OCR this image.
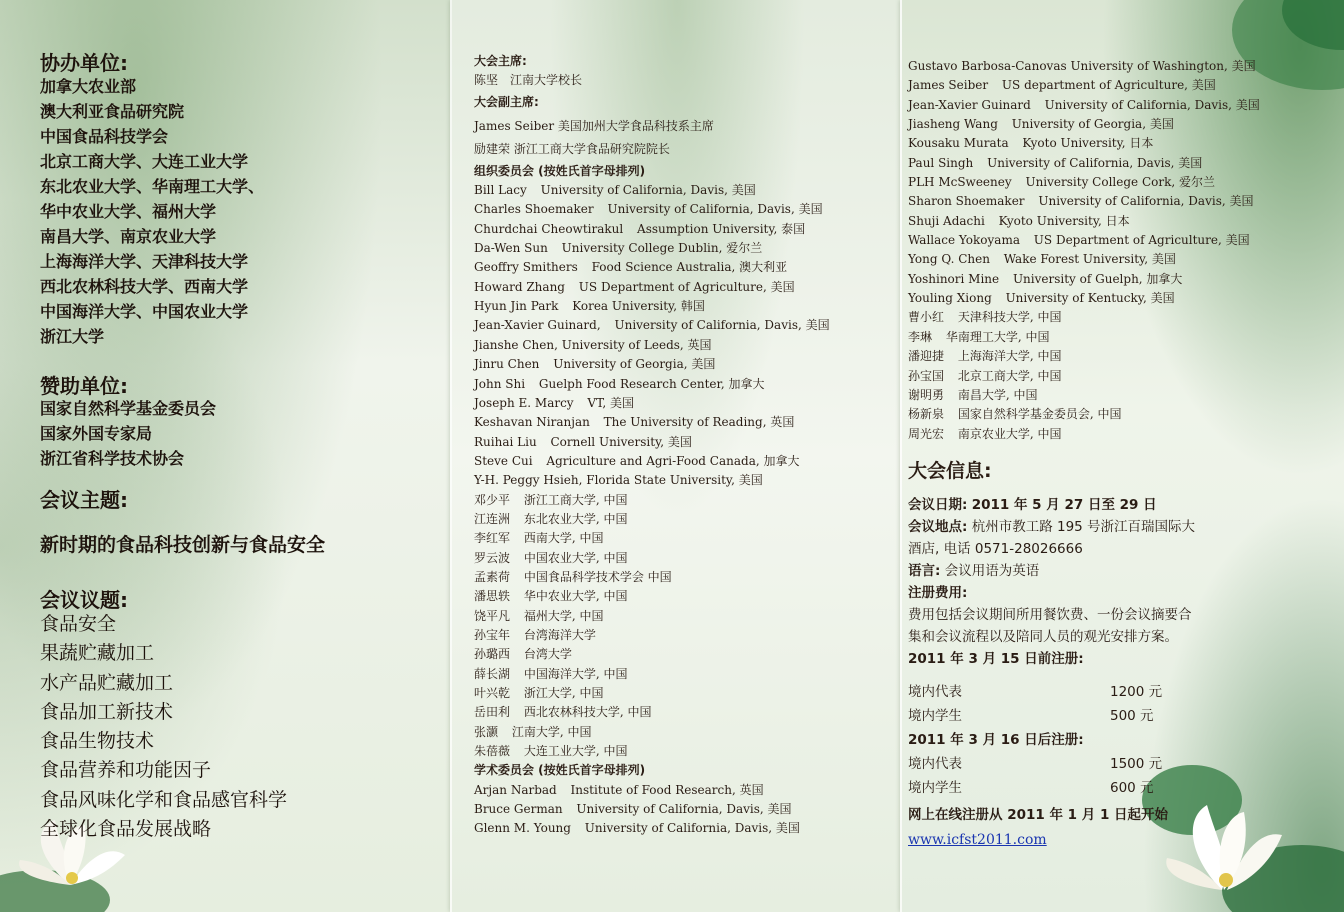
协办单位:
加拿大农业部
澳大利亚食品研究院
中国食品科技学会
北京工商大学、大连工业大学
东北农业大学、华南理工大学、
华中农业大学、福州大学
南昌大学、南京农业大学
上海海洋大学、天津科技大学
西北农林科技大学、西南大学
中国海洋大学、中国农业大学
浙江大学
赞助单位:
国家自然科学基金委员会
国家外国专家局
浙江省科学技术协会
会议主题:
新时期的食品科技创新与食品安全
会议议题:
食品安全
果蔬贮藏加工
水产品贮藏加工
食品加工新技术
食品生物技术
食品营养和功能因子
食品风味化学和食品感官科学
全球化食品发展战略
大会主席:
陈坚　江南大学校长
大会副主席:
James Seiber 美国加州大学食品科技系主席
励建荣 浙江工商大学食品研究院院长
组织委员会 (按姓氏首字母排列)
Bill Lacy University of California, Davis, 美国
Charles Shoemaker University of California, Davis, 美国
Churdchai Cheowtirakul Assumption University, 泰国
Da-Wen Sun University College Dublin, 爱尔兰
Geoffry Smithers Food Science Australia, 澳大利亚
Howard Zhang US Department of Agriculture, 美国
Hyun Jin Park Korea University, 韩国
Jean-Xavier Guinard, University of California, Davis, 美国
Jianshe Chen, University of Leeds, 英国
Jinru Chen University of Georgia, 美国
John Shi Guelph Food Research Center, 加拿大
Joseph E. Marcy VT, 美国
Keshavan Niranjan The University of Reading, 英国
Ruihai Liu Cornell University, 美国
Steve Cui Agriculture and Agri-Food Canada, 加拿大
Y-H. Peggy Hsieh, Florida State University, 美国
邓少平 浙江工商大学, 中国
江连洲 东北农业大学, 中国
李红军 西南大学, 中国
罗云波 中国农业大学, 中国
孟素荷 中国食品科学技术学会 中国
潘思轶 华中农业大学, 中国
饶平凡 福州大学, 中国
孙宝年 台湾海洋大学
孙璐西 台湾大学
薛长湖 中国海洋大学, 中国
叶兴乾 浙江大学, 中国
岳田利 西北农林科技大学, 中国
张灏 江南大学, 中国
朱蓓薇 大连工业大学, 中国
学术委员会 (按姓氏首字母排列)
Arjan Narbad Institute of Food Research, 英国
Bruce German University of California, Davis, 美国
Glenn M. Young University of California, Davis, 美国
Gustavo Barbosa-Canovas University of Washington, 美国
James Seiber US department of Agriculture, 美国
Jean-Xavier Guinard University of California, Davis, 美国
Jiasheng Wang University of Georgia, 美国
Kousaku Murata Kyoto University, 日本
Paul Singh University of California, Davis, 美国
PLH McSweeney University College Cork, 爱尔兰
Sharon Shoemaker University of California, Davis, 美国
Shuji Adachi Kyoto University, 日本
Wallace Yokoyama US Department of Agriculture, 美国
Yong Q. Chen Wake Forest University, 美国
Yoshinori Mine University of Guelph, 加拿大
Youling Xiong University of Kentucky, 美国
曹小红 天津科技大学, 中国
李琳 华南理工大学, 中国
潘迎捷 上海海洋大学, 中国
孙宝国 北京工商大学, 中国
谢明勇 南昌大学, 中国
杨新泉 国家自然科学基金委员会, 中国
周光宏 南京农业大学, 中国
大会信息:
会议日期: 2011 年 5 月 27 日至 29 日
会议地点: 杭州市教工路 195 号浙江百瑞国际大
酒店, 电话 0571-28026666
语言: 会议用语为英语
注册费用:
费用包括会议期间所用餐饮费、一份会议摘要合
集和会议流程以及陪同人员的观光安排方案。
2011 年 3 月 15 日前注册:
境内代表	1200 元
境内学生	500 元
2011 年 3 月 16 日后注册:
境内代表	1500 元
境内学生	600 元
网上在线注册从 2011 年 1 月 1 日起开始
www.icfst2011.com
